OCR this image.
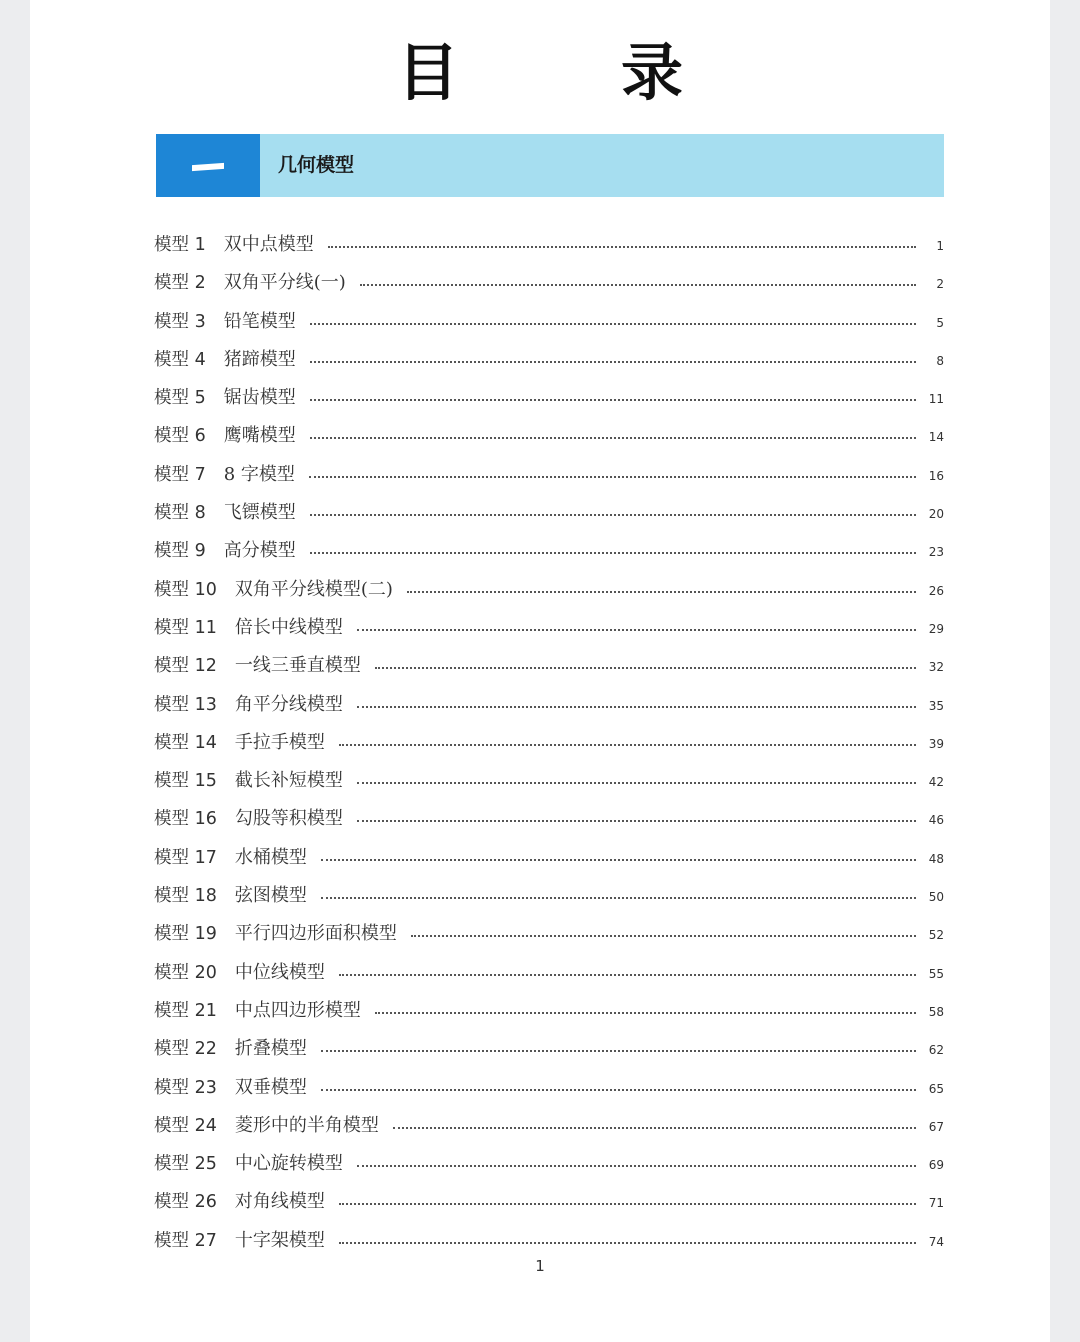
目　录
几何模型
模型 1 双中点模型	1
模型 2 双角平分线(一)	2
模型 3 铅笔模型	5
模型 4 猪蹄模型	8
模型 5 锯齿模型	11
模型 6 鹰嘴模型	14
模型 7 8 字模型	16
模型 8 飞镖模型	20
模型 9 高分模型	23
模型 10 双角平分线模型(二)	26
模型 11 倍长中线模型	29
模型 12 一线三垂直模型	32
模型 13 角平分线模型	35
模型 14 手拉手模型	39
模型 15 截长补短模型	42
模型 16 勾股等积模型	46
模型 17 水桶模型	48
模型 18 弦图模型	50
模型 19 平行四边形面积模型	52
模型 20 中位线模型	55
模型 21 中点四边形模型	58
模型 22 折叠模型	62
模型 23 双垂模型	65
模型 24 菱形中的半角模型	67
模型 25 中心旋转模型	69
模型 26 对角线模型	71
模型 27 十字架模型	74
1
